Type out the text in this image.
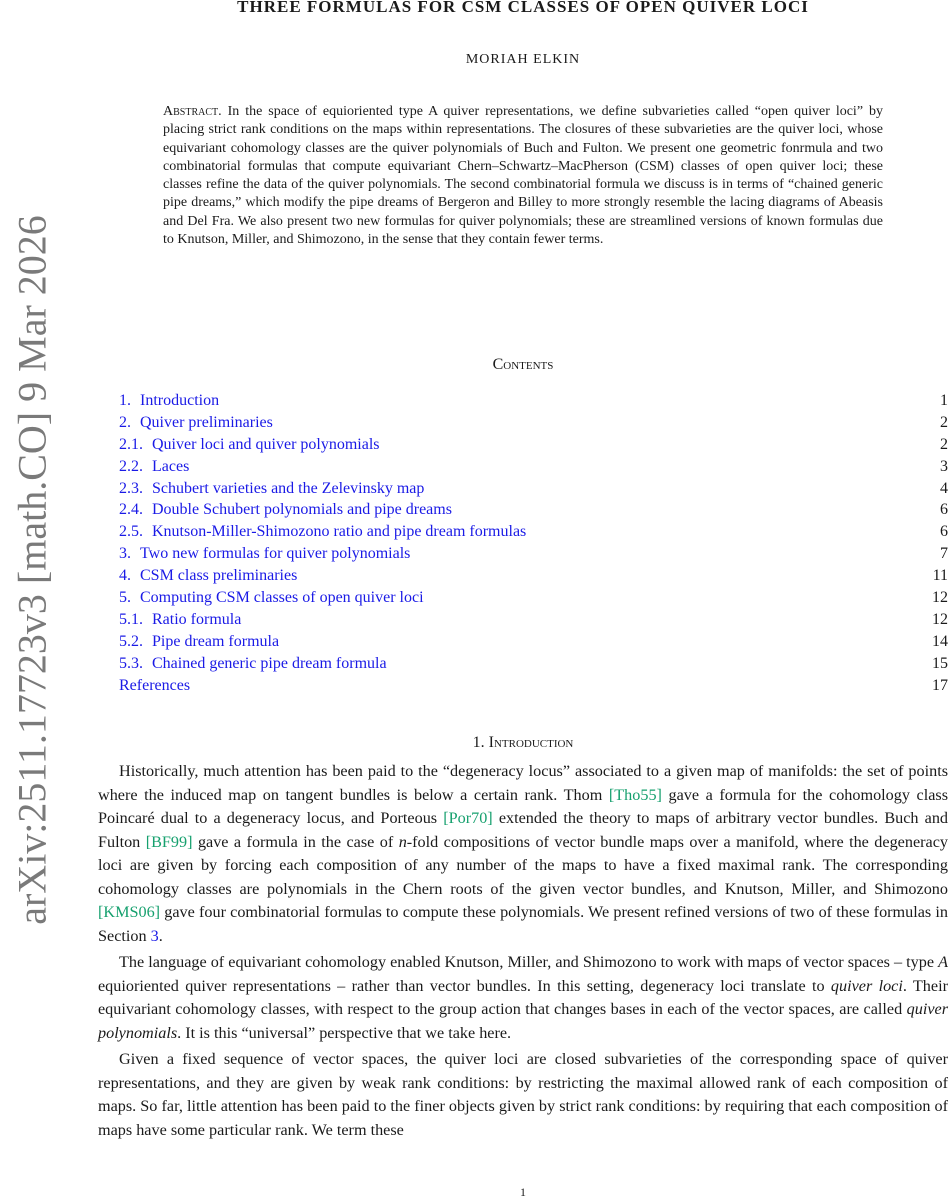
arXiv:2511.17723v3 [math.CO] 9 Mar 2026
THREE FORMULAS FOR CSM CLASSES OF OPEN QUIVER LOCI
MORIAH ELKIN
Abstract. In the space of equioriented type A quiver representations, we define subvarieties called “open quiver loci” by placing strict rank conditions on the maps within representations. The closures of these subvarieties are the quiver loci, whose equivariant cohomology classes are the quiver polynomials of Buch and Fulton. We present one geometric fonrmula and two combinatorial formulas that compute equivariant Chern–Schwartz–MacPherson (CSM) classes of open quiver loci; these classes refine the data of the quiver polynomials. The second combinatorial formula we discuss is in terms of “chained generic pipe dreams,” which modify the pipe dreams of Bergeron and Billey to more strongly resemble the lacing diagrams of Abeasis and Del Fra. We also present two new formulas for quiver polynomials; these are streamlined versions of known formulas due to Knutson, Miller, and Shimozono, in the sense that they contain fewer terms.
Contents
1. Introduction	1
2. Quiver preliminaries	2
2.1. Quiver loci and quiver polynomials	2
2.2. Laces	3
2.3. Schubert varieties and the Zelevinsky map	4
2.4. Double Schubert polynomials and pipe dreams	6
2.5. Knutson-Miller-Shimozono ratio and pipe dream formulas	6
3. Two new formulas for quiver polynomials	7
4. CSM class preliminaries	11
5. Computing CSM classes of open quiver loci	12
5.1. Ratio formula	12
5.2. Pipe dream formula	14
5.3. Chained generic pipe dream formula	15
References	17
1. Introduction

Historically, much attention has been paid to the “degeneracy locus” associated to a given map of manifolds: the set of points where the induced map on tangent bundles is below a certain rank. Thom [Tho55] gave a formula for the cohomology class Poincaré dual to a degeneracy locus, and Porteous [Por70] extended the theory to maps of arbitrary vector bundles. Buch and Fulton [BF99] gave a formula in the case of n-fold compositions of vector bundle maps over a manifold, where the degeneracy loci are given by forcing each composition of any number of the maps to have a fixed maximal rank. The corresponding cohomology classes are polynomials in the Chern roots of the given vector bundles, and Knutson, Miller, and Shimozono [KMS06] gave four combinatorial formulas to compute these polynomials. We present refined versions of two of these formulas in Section 3.

The language of equivariant cohomology enabled Knutson, Miller, and Shimozono to work with maps of vector spaces – type A equioriented quiver representations – rather than vector bundles. In this setting, degeneracy loci translate to quiver loci. Their equivariant cohomology classes, with respect to the group action that changes bases in each of the vector spaces, are called quiver polynomials. It is this “universal” perspective that we take here.

Given a fixed sequence of vector spaces, the quiver loci are closed subvarieties of the corresponding space of quiver representations, and they are given by weak rank conditions: by restricting the maximal allowed rank of each composition of maps. So far, little attention has been paid to the finer objects given by strict rank conditions: by requiring that each composition of maps have some particular rank. We term these

1
